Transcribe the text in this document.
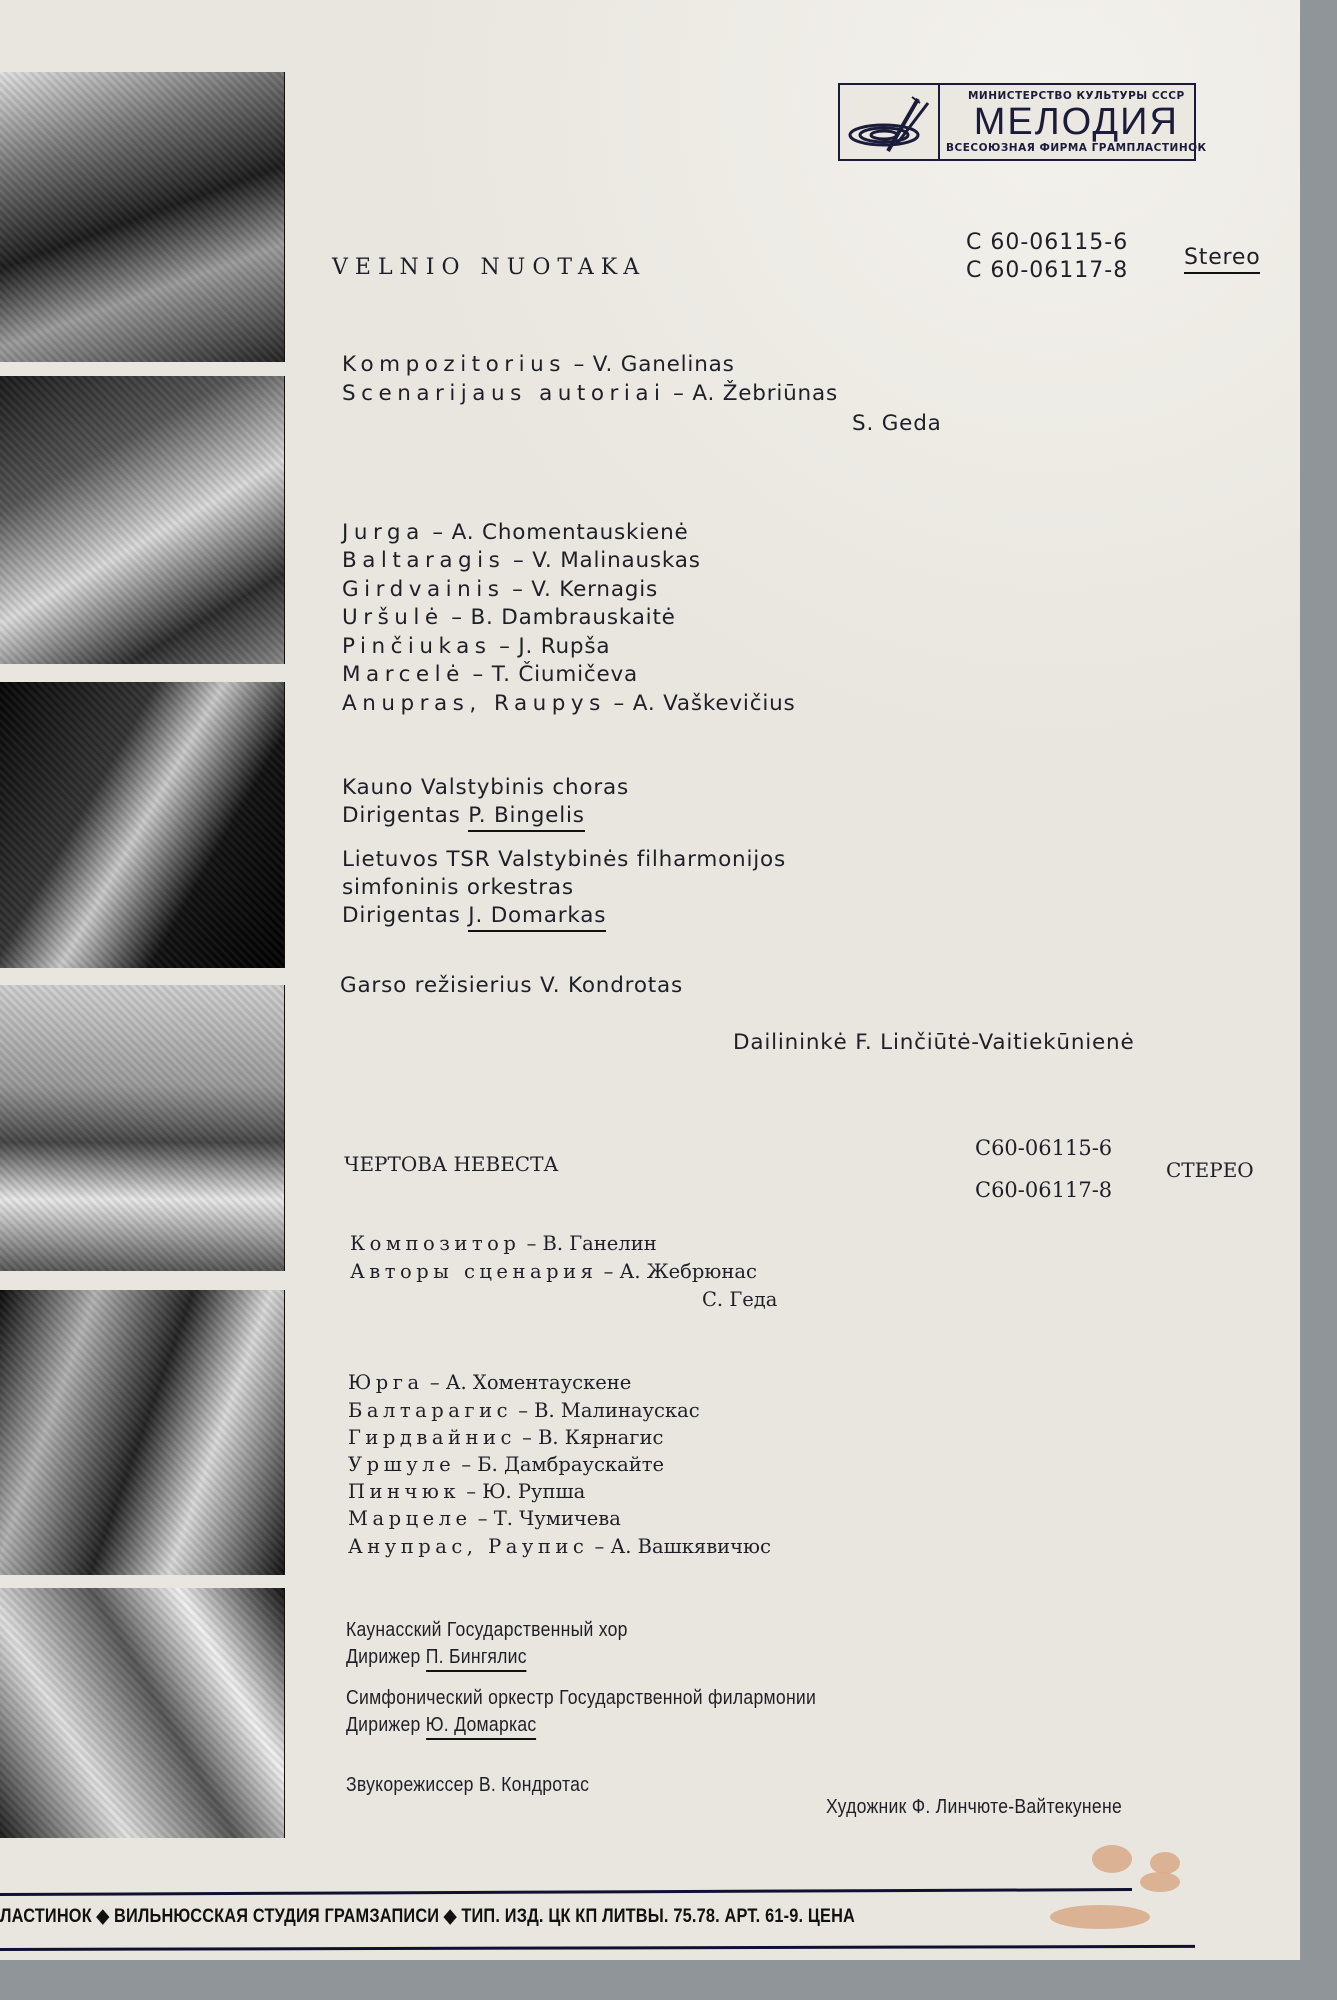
МИНИСТЕРСТВО КУЛЬТУРЫ СССР
МЕЛОДИЯ
ВСЕСОЮЗНАЯ ФИРМА ГРАМПЛАСТИНОК
VELNIO NUOTAKA
C 60-06115-6
C 60-06117-8
Stereo
Kompozitorius – V. Ganelinas
Scenarijaus autoriai – A. Žebriūnas
S. Geda
Jurga – A. Chomentauskienė
Baltaragis – V. Malinauskas
Girdvainis – V. Kernagis
Uršulė – B. Dambrauskaitė
Pinčiukas – J. Rupša
Marcelė – T. Čiumičeva
Anupras, Raupys – A. Vaškevičius
Kauno Valstybinis choras
Dirigentas P. Bingelis
Lietuvos TSR Valstybinės filharmonijos
simfoninis orkestras
Dirigentas J. Domarkas
Garso režisierius V. Kondrotas
Dailininkė F. Linčiūtė-Vaitiekūnienė
ЧЕРТОВА НЕВЕСТА
С60-06115-6
С60-06117-8
СТЕРЕО
Композитор – В. Ганелин
Авторы сценария – А. Жебрюнас
С. Геда
Юрга – А. Хоментаускене
Балтарагис – В. Малинаускас
Гирдвайнис – В. Кярнагис
Уршуле – Б. Дамбраускайте
Пинчюк – Ю. Рупша
Марцеле – Т. Чумичева
Анупрас, Раупис – А. Вашкявичюс
Каунасский Государственный хор
Дирижер П. Бингялис
Симфонический оркестр Государственной филармонии
Дирижер Ю. Домаркас
Звукорежиссер В. Кондротас
Художник Ф. Линчюте-Вайтекунене
ЛАСТИНОК ◆ ВИЛЬНЮССКАЯ СТУДИЯ ГРАМЗАПИСИ ◆ ТИП. ИЗД. ЦК КП ЛИТВЫ. 75.78. АРТ. 61-9. ЦЕНА
